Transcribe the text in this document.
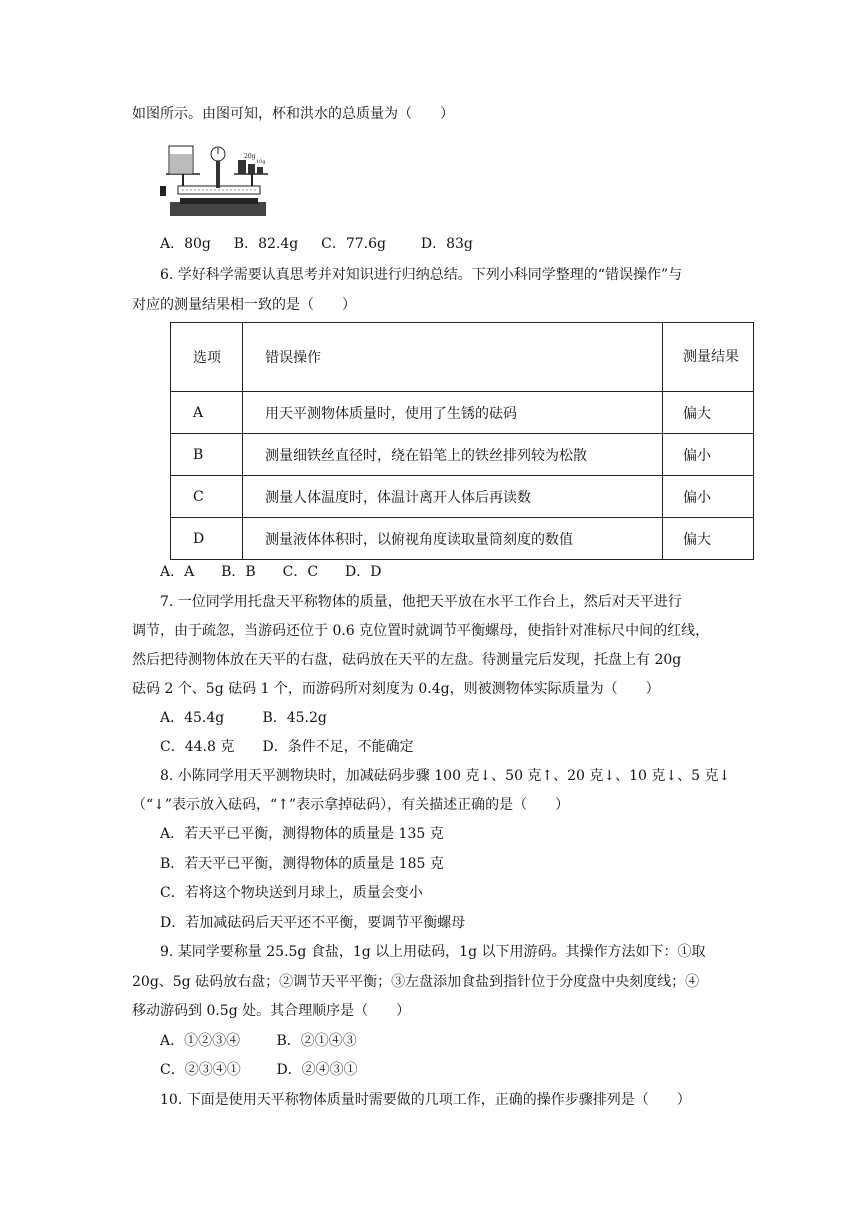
如图所示。由图可知，杯和洪水的总质量为（　　）
20g
10g
A．80g B．82.4g C．77.6g D．83g
6. 学好科学需要认真思考并对知识进行归纳总结。下列小科同学整理的“错误操作”与
对应的测量结果相一致的是（　　）
选项	错误操作	测量结果

A	用天平测物体质量时，使用了生锈的砝码	偏大
B	测量细铁丝直径时，绕在铅笔上的铁丝排列较为松散	偏小
C	测量人体温度时，体温计离开人体后再读数	偏小
D	测量液体体积时，以俯视角度读取量筒刻度的数值	偏大
A．A B．B C．C D．D
7. 一位同学用托盘天平称物体的质量，他把天平放在水平工作台上，然后对天平进行
调节，由于疏忽，当游码还位于 0.6 克位置时就调节平衡螺母，使指针对准标尺中间的红线，
然后把待测物体放在天平的右盘，砝码放在天平的左盘。待测量完后发现，托盘上有 20g
砝码 2 个、5g 砝码 1 个，而游码所对刻度为 0.4g，则被测物体实际质量为（　　）
A．45.4g	B．45.2g
C．44.8 克 D．条件不足，不能确定
8. 小陈同学用天平测物块时，加减砝码步骤 100 克↓、50 克↑、20 克↓、10 克↓、5 克↓
（“↓”表示放入砝码，“↑”表示拿掉砝码），有关描述正确的是（　　）
A．若天平已平衡，测得物体的质量是 135 克
B．若天平已平衡，测得物体的质量是 185 克
C．若将这个物块送到月球上，质量会变小
D．若加减砝码后天平还不平衡，要调节平衡螺母
9. 某同学要称量 25.5g 食盐，1g 以上用砝码，1g 以下用游码。其操作方法如下：①取
20g、5g 砝码放右盘；②调节天平平衡；③左盘添加食盐到指针位于分度盘中央刻度线；④
移动游码到 0.5g 处。其合理顺序是（　　）
A．①②③④	B．②①④③
C．②③④①	D．②④③①
10. 下面是使用天平称物体质量时需要做的几项工作，正确的操作步骤排列是（　　）
